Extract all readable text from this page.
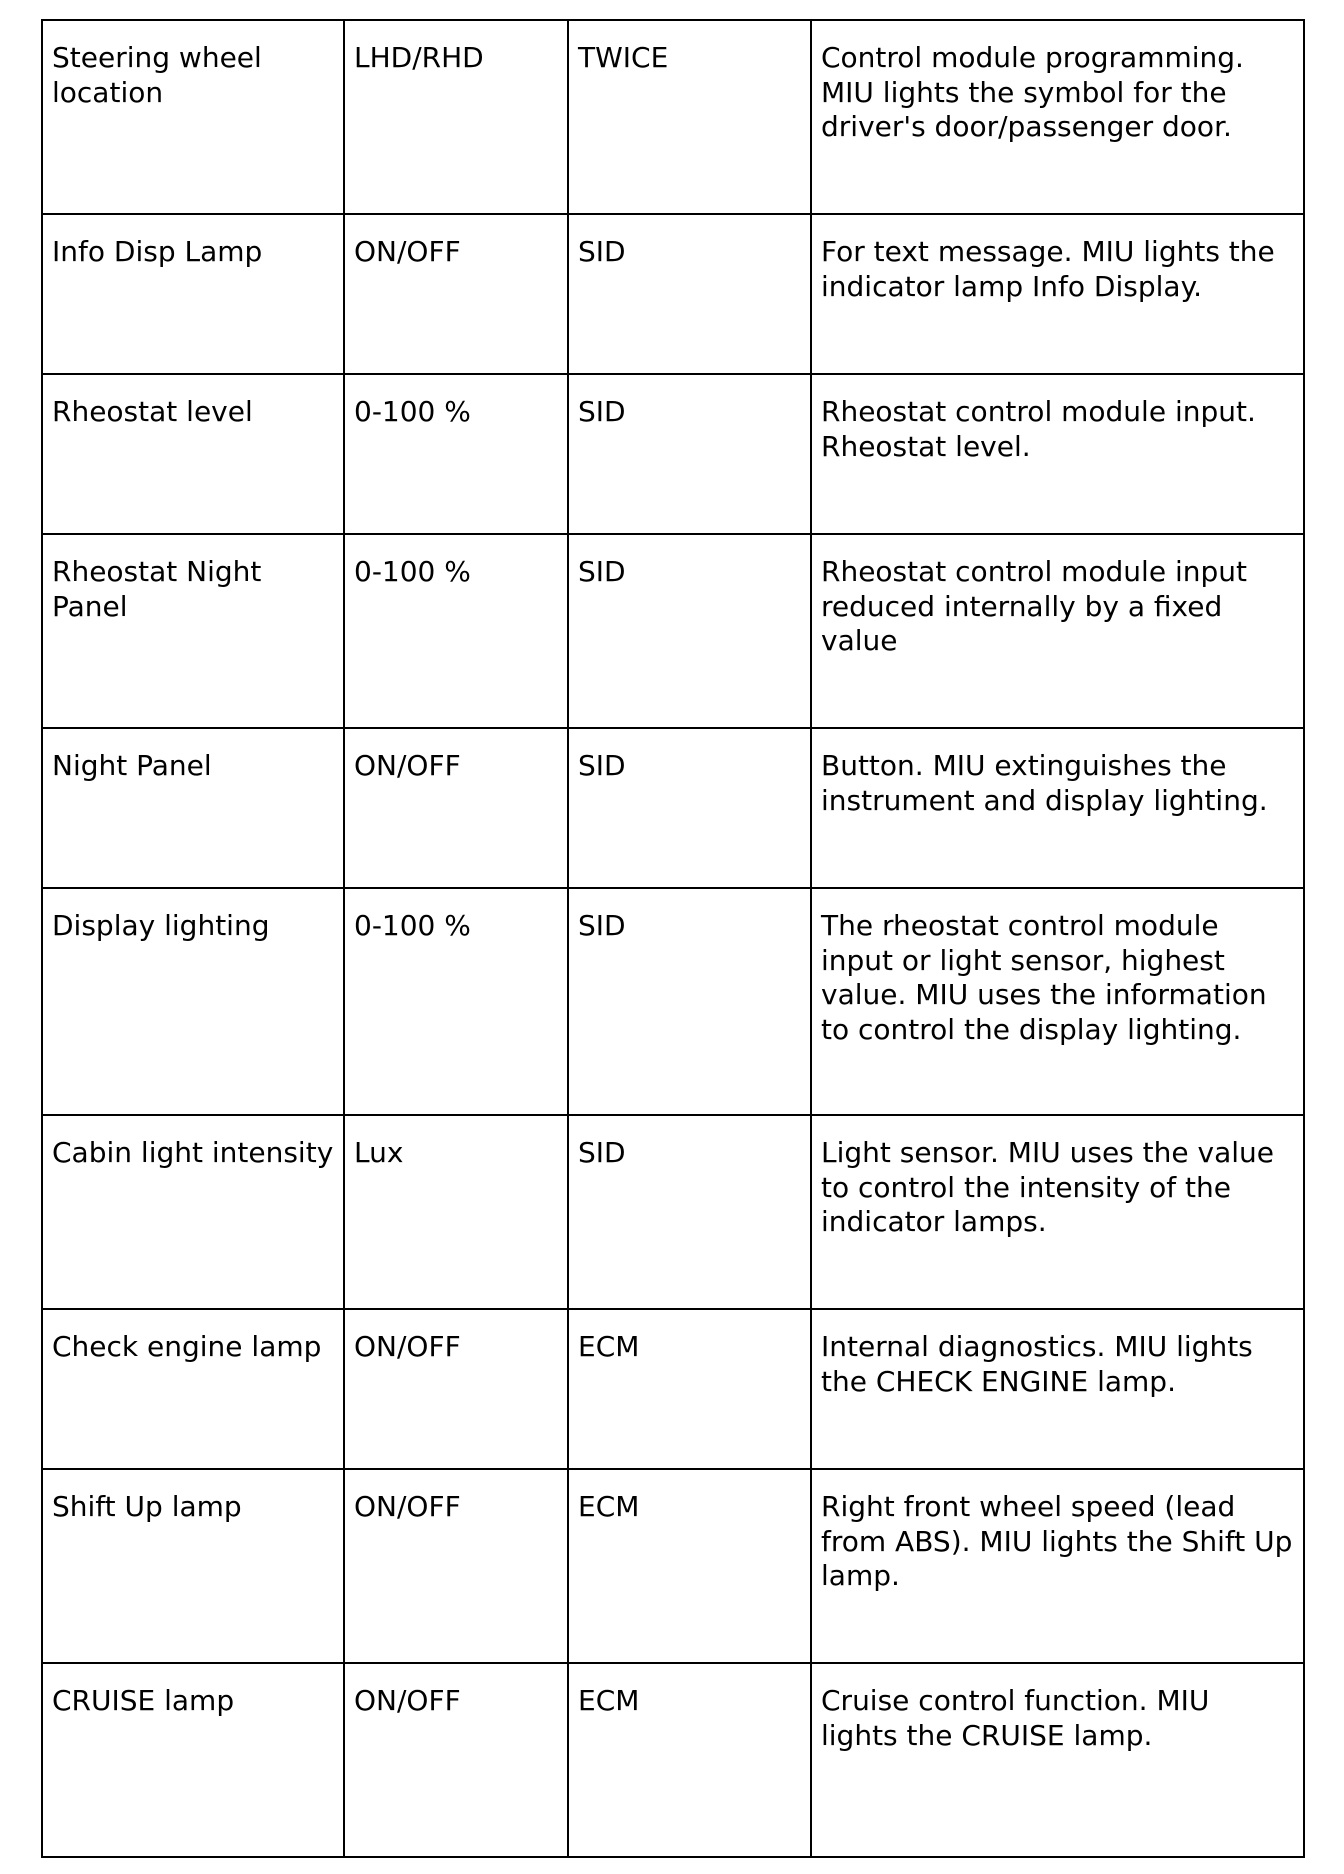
Steering wheel location	LHD/RHD	TWICE	Control module programming. MIU lights the symbol for the driver's door/passenger door.
Info Disp Lamp	ON/OFF	SID	For text message. MIU lights the indicator lamp Info Display.
Rheostat level	0-100 %	SID	Rheostat control module input. Rheostat level.
Rheostat Night Panel	0-100 %	SID	Rheostat control module input reduced internally by a fixed value
Night Panel	ON/OFF	SID	Button. MIU extinguishes the instrument and display lighting.
Display lighting	0-100 %	SID	The rheostat control module input or light sensor, highest value. MIU uses the information to control the display lighting.
Cabin light intensity	Lux	SID	Light sensor. MIU uses the value to control the intensity of the indicator lamps.
Check engine lamp	ON/OFF	ECM	Internal diagnostics. MIU lights the CHECK ENGINE lamp.
Shift Up lamp	ON/OFF	ECM	Right front wheel speed (lead from ABS). MIU lights the Shift Up lamp.
CRUISE lamp	ON/OFF	ECM	Cruise control function. MIU lights the CRUISE lamp.
